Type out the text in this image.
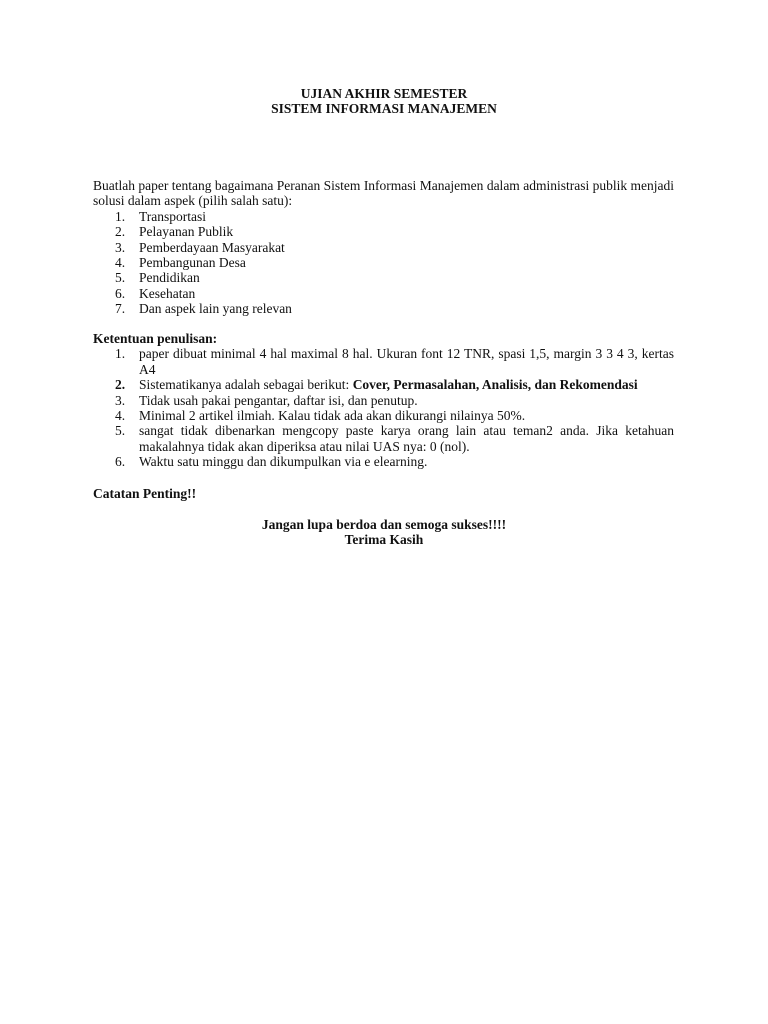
UJIAN AKHIR SEMESTER
SISTEM INFORMASI MANAJEMEN
Buatlah paper tentang bagaimana Peranan Sistem Informasi Manajemen dalam administrasi publik menjadi solusi dalam aspek (pilih salah satu):
1. Transportasi
2. Pelayanan Publik
3. Pemberdayaan Masyarakat
4. Pembangunan Desa
5. Pendidikan
6. Kesehatan
7. Dan aspek lain yang relevan
Ketentuan penulisan:
1. paper dibuat minimal 4 hal maximal 8 hal. Ukuran font 12 TNR, spasi 1,5, margin 3 3 4 3, kertas A4
2. Sistematikanya adalah sebagai berikut: Cover, Permasalahan, Analisis, dan Rekomendasi
3. Tidak usah pakai pengantar, daftar isi, dan penutup.
4. Minimal 2 artikel ilmiah. Kalau tidak ada akan dikurangi nilainya 50%.
5. sangat tidak dibenarkan mengcopy paste karya orang lain atau teman2 anda. Jika ketahuan makalahnya tidak akan diperiksa atau nilai UAS nya: 0 (nol).
6. Waktu satu minggu dan dikumpulkan via e elearning.
Catatan Penting!!
Jangan lupa berdoa dan semoga sukses!!!!
Terima Kasih
